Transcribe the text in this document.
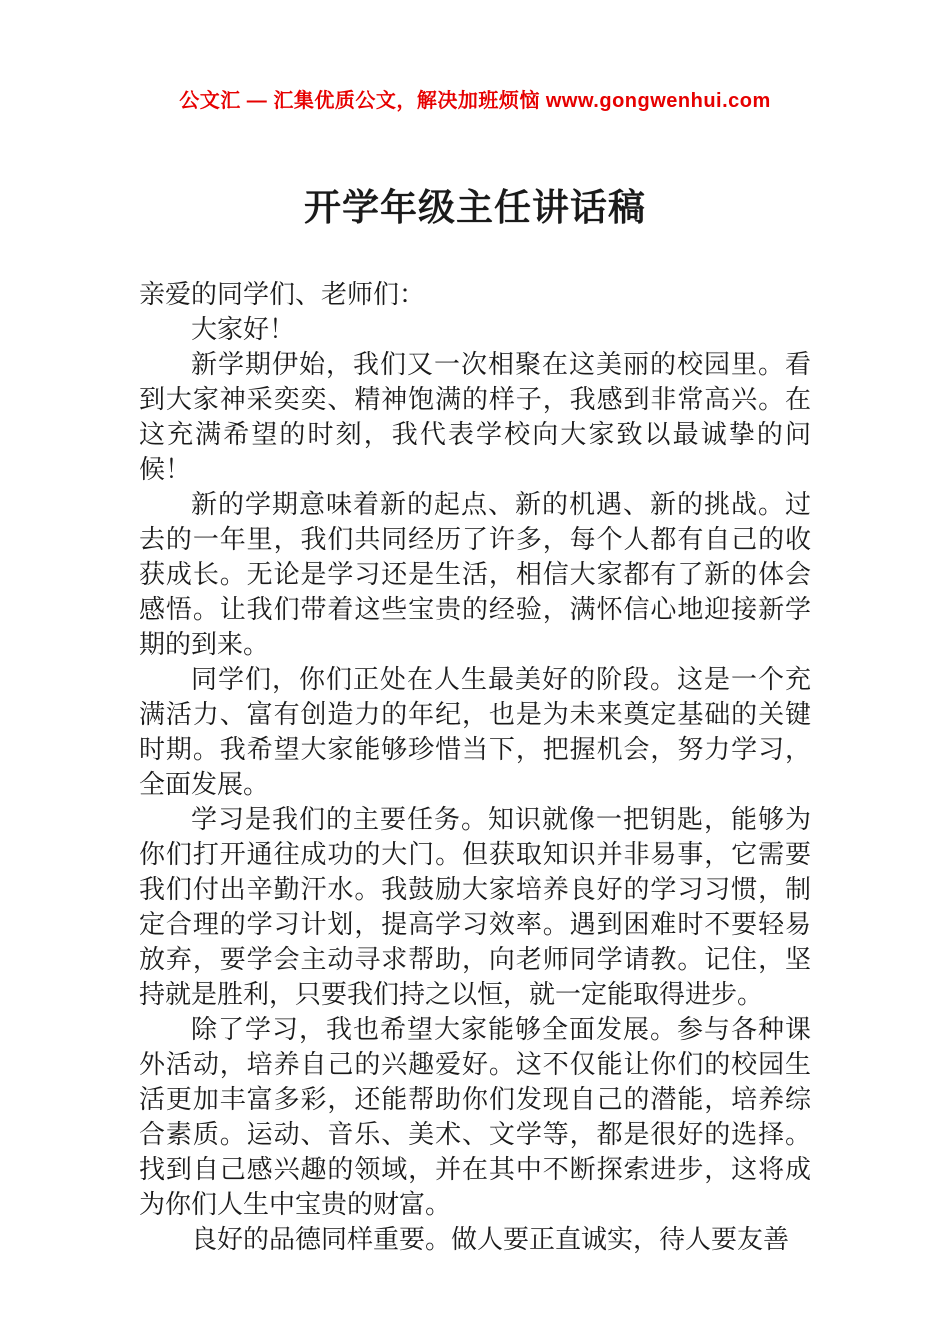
公文汇 — 汇集优质公文，解决加班烦恼 www.gongwenhui.com
开学年级主任讲话稿

亲爱的同学们、老师们：

大家好！

新学期伊始，我们又一次相聚在这美丽的校园里。看到大家神采奕奕、精神饱满的样子，我感到非常高兴。在这充满希望的时刻，我代表学校向大家致以最诚挚的问候！

新的学期意味着新的起点、新的机遇、新的挑战。过去的一年里，我们共同经历了许多，每个人都有自己的收获成长。无论是学习还是生活，相信大家都有了新的体会感悟。让我们带着这些宝贵的经验，满怀信心地迎接新学期的到来。

同学们，你们正处在人生最美好的阶段。这是一个充满活力、富有创造力的年纪，也是为未来奠定基础的关键时期。我希望大家能够珍惜当下，把握机会，努力学习，全面发展。

学习是我们的主要任务。知识就像一把钥匙，能够为你们打开通往成功的大门。但获取知识并非易事，它需要我们付出辛勤汗水。我鼓励大家培养良好的学习习惯，制定合理的学习计划，提高学习效率。遇到困难时不要轻易放弃，要学会主动寻求帮助，向老师同学请教。记住，坚持就是胜利，只要我们持之以恒，就一定能取得进步。

除了学习，我也希望大家能够全面发展。参与各种课外活动，培养自己的兴趣爱好。这不仅能让你们的校园生活更加丰富多彩，还能帮助你们发现自己的潜能，培养综合素质。运动、音乐、美术、文学等，都是很好的选择。找到自己感兴趣的领域，并在其中不断探索进步，这将成为你们人生中宝贵的财富。

良好的品德同样重要。做人要正直诚实，待人要友善
